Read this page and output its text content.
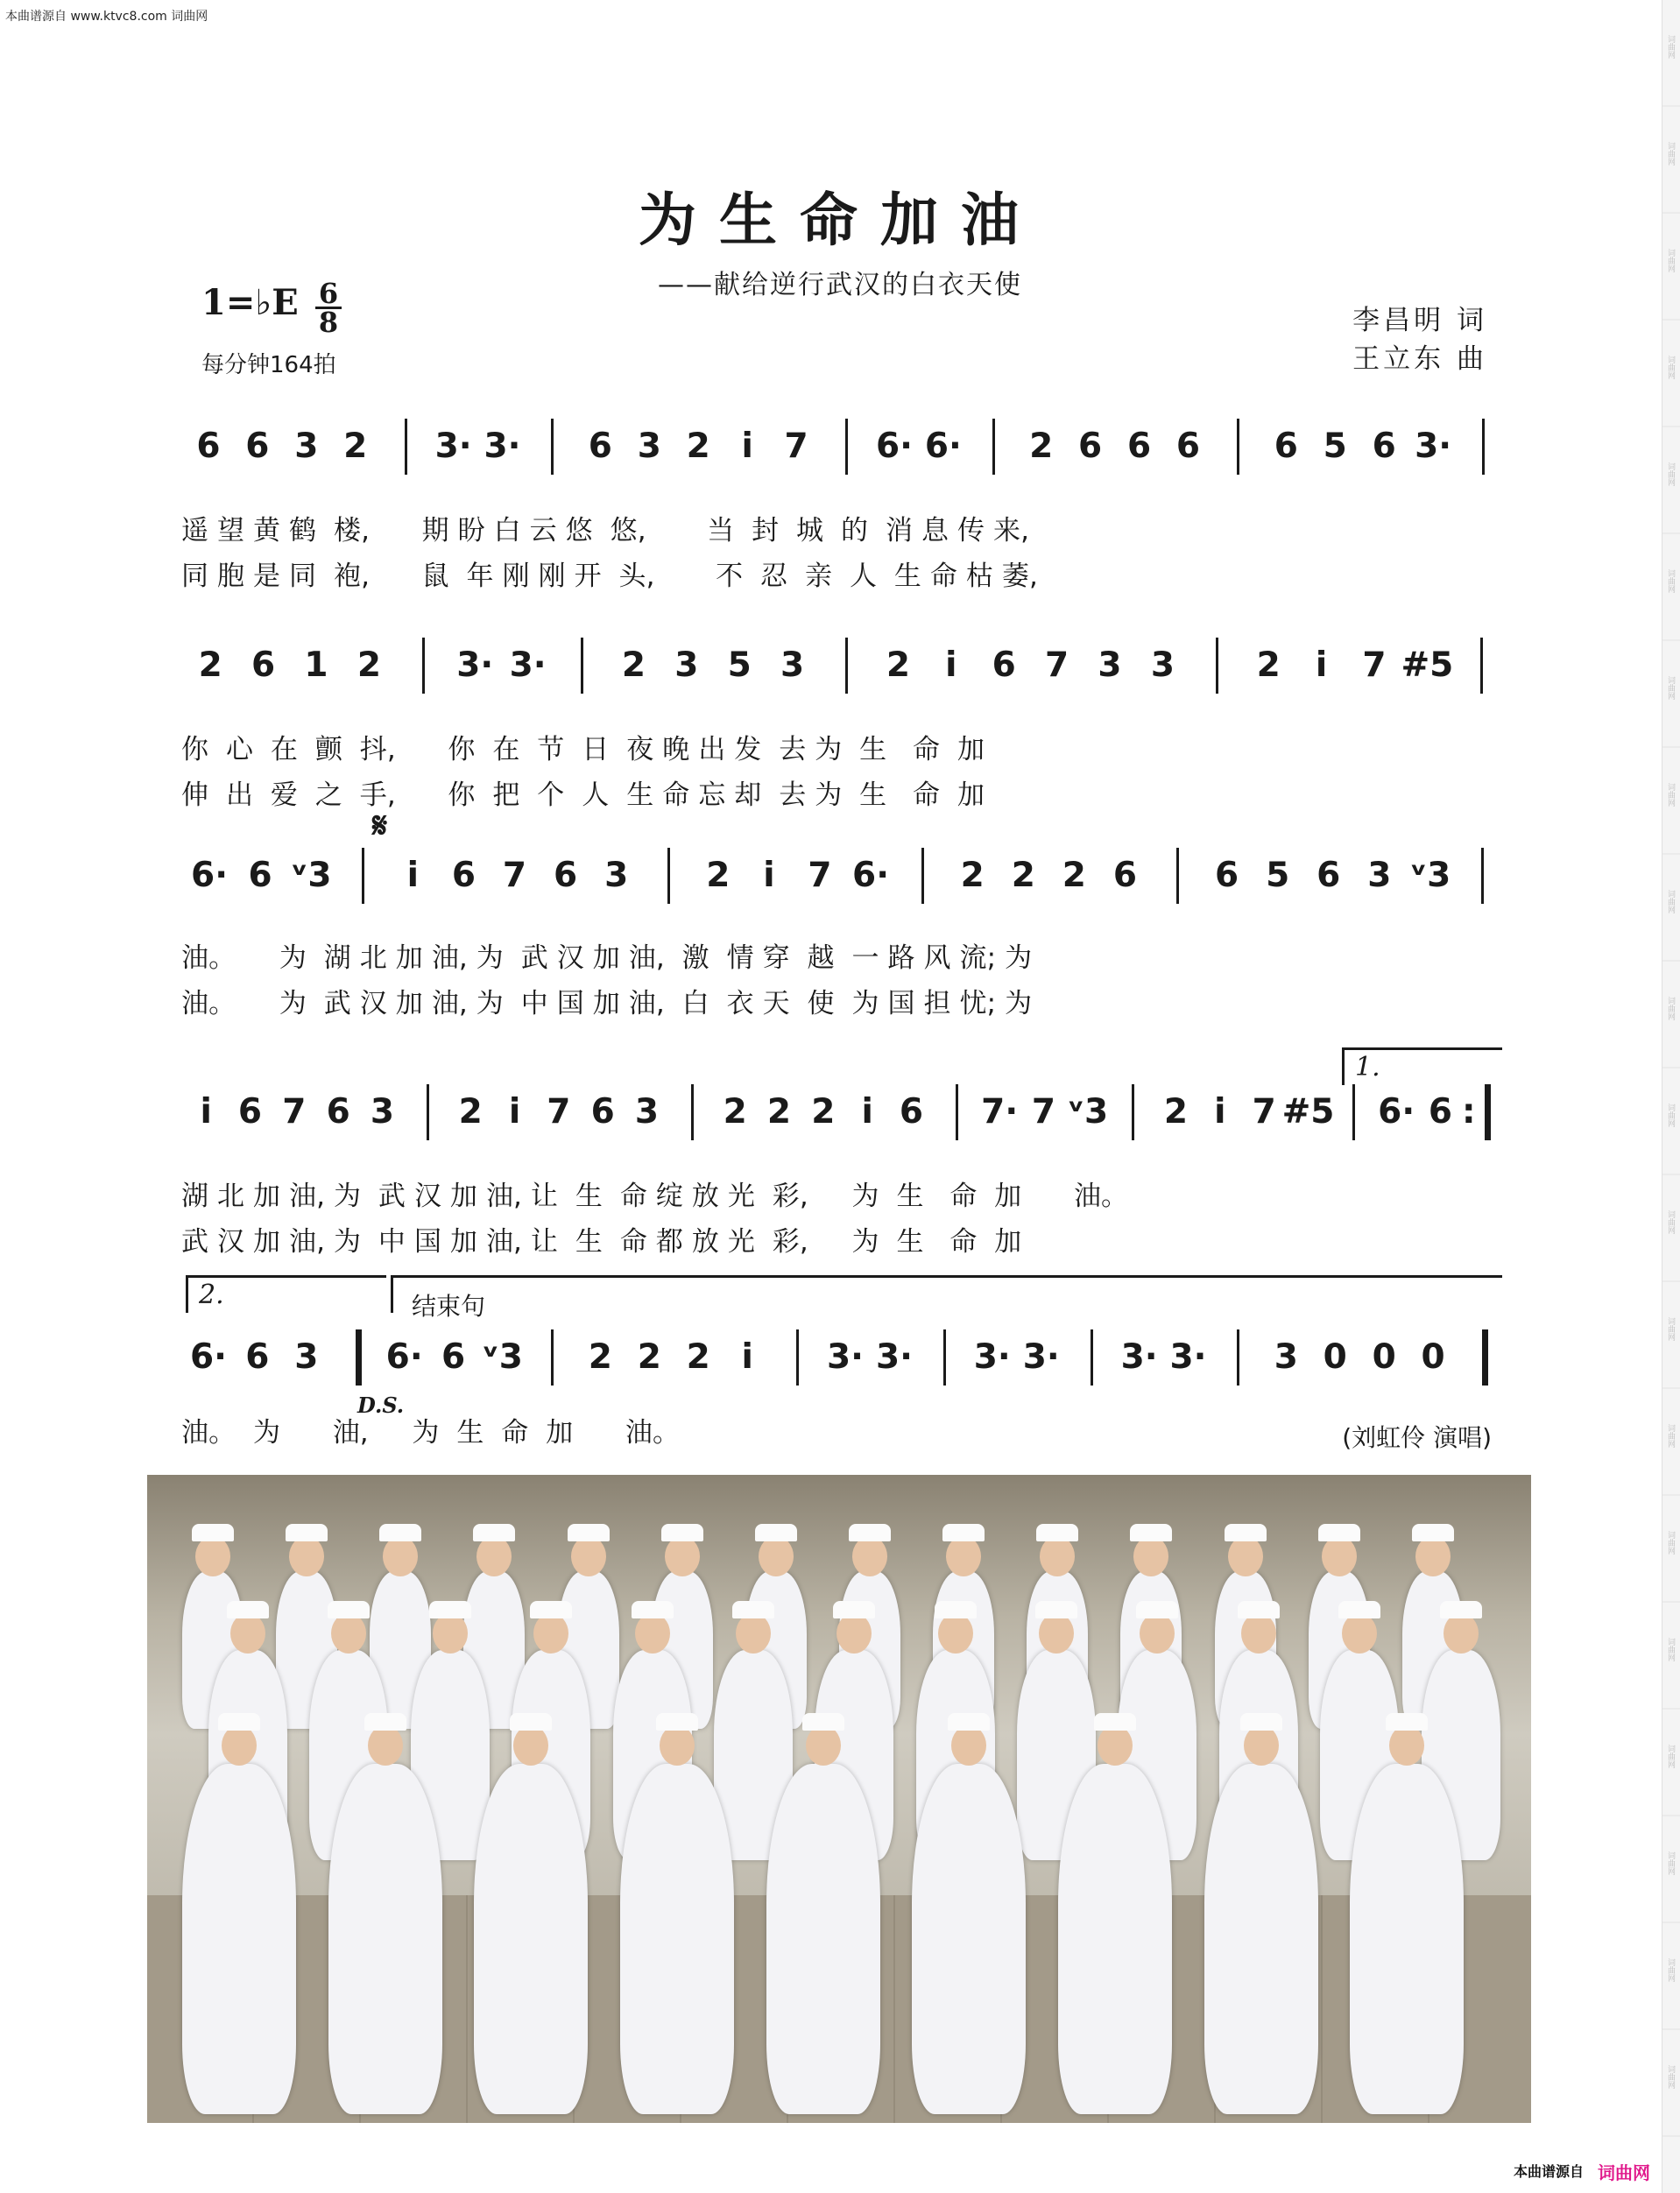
词曲网
词曲网
词曲网
词曲网
词曲网
词曲网
词曲网
词曲网
词曲网
词曲网
词曲网
词曲网
词曲网
词曲网
词曲网
词曲网
词曲网
词曲网
词曲网
词曲网
本曲谱源自 www.ktvc8.com 词曲网
为生命加油
——献给逆行武汉的白衣天使
1=♭E 6
8
每分钟164拍
李昌明 词
王立东 曲
𝄋
6 6 3 2 3· 3· 6 3 2 i 7 6· 6· 2 6 6 6 6 5 6 3·
遥 望 黄 鹤  楼,      期 盼 白 云 悠  悠,       当  封  城  的  消 息 传 来,
同 胞 是 同  袍,      鼠  年 刚 刚 开  头,       不  忍  亲  人  生 命 枯 萎,
2 6 1 2 3· 3· 2 3 5 3 2 i 6 7 3 3 2 i 7 #5
你  心  在  颤  抖,      你  在  节  日  夜 晚 出 发  去 为  生   命  加
伸  出  爱  之  手,      你  把  个  人  生 命 忘 却  去 为  生   命  加
6· 6 ᵛ3 i 6 7 6 3 2 i 7 6· 2 2 2 6 6 5 6 3 ᵛ3
油。     为  湖 北 加 油, 为  武 汉 加 油,  激  情 穿  越  一 路 风 流; 为
油。     为  武 汉 加 油, 为  中 国 加 油,  白  衣 天  使  为 国 担 忧; 为
i 6 7 6 3 2 i 7 6 3 2 2 2 i 6 7· 7 ᵛ3 2 i 7 #5 6· 6 :
湖 北 加 油, 为  武 汉 加 油, 让  生  命 绽 放 光  彩,     为  生   命  加      油。
武 汉 加 油, 为  中 国 加 油, 让  生  命 都 放 光  彩,     为  生   命  加
6· 6 3 6· 6 ᵛ3 2 2 2 i 3· 3· 3· 3· 3· 3· 3 0 0 0
油。  为      油,     为  生  命  加      油。
1.
2.	结束句
D.S.
(刘虹伶 演唱)
本曲谱源自 词曲网
